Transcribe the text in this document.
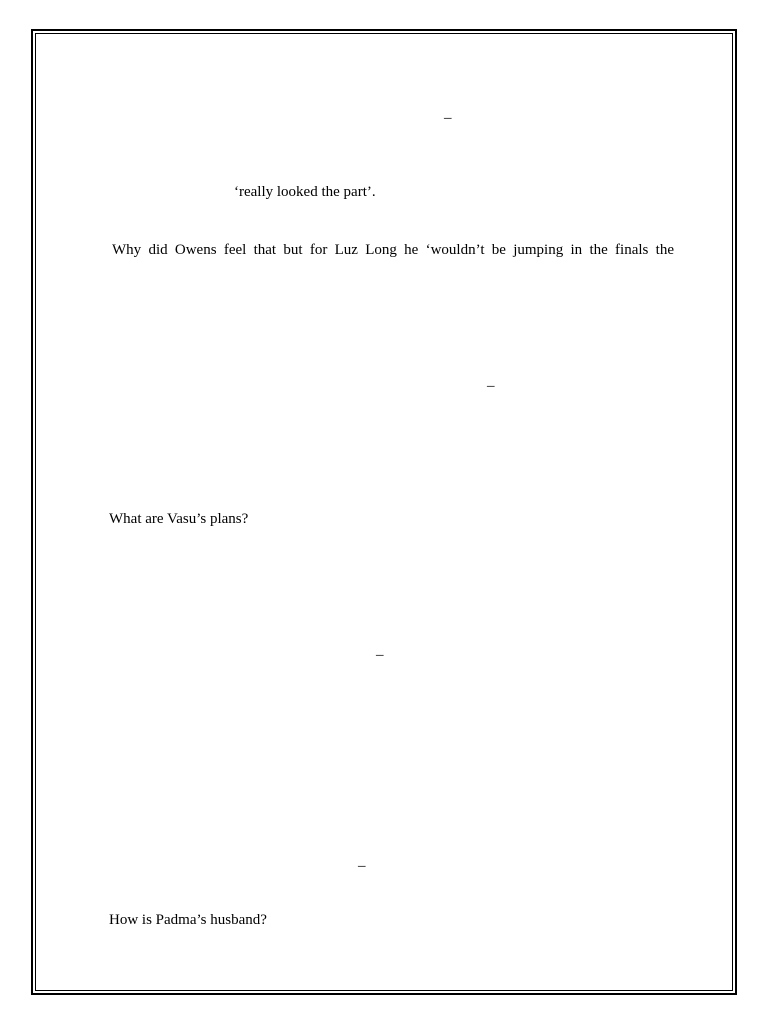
–
‘really looked the part’.
Why did Owens feel that but for Luz Long he ‘wouldn’t be jumping in the finals the
–
What are Vasu’s plans?
–
–
How is Padma’s husband?
